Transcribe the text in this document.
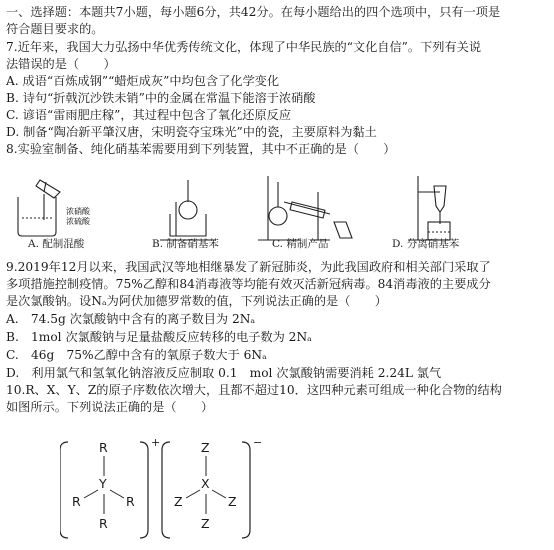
一、选择题：本题共7小题，每小题6分，共42分。在每小题给出的四个选项中，只有一项是
符合题目要求的。
7.近年来，我国大力弘扬中华优秀传统文化，体现了中华民族的“文化自信”。下列有关说
法错误的是（　　）
A. 成语“百炼成钢”“蜡炬成灰”中均包含了化学变化
B. 诗句“折戟沉沙铁未销”中的金属在常温下能溶于浓硝酸
C. 谚语“雷雨肥庄稼”，其过程中包含了氧化还原反应
D. 制备“陶冶新平肇汉唐，宋明瓷夺宝珠光”中的瓷，主要原料为黏土
8.实验室制备、纯化硝基苯需要用到下列装置，其中不正确的是（　　）
浓硝酸
浓硫酸
A. 配制混酸	B. 制备硝基苯	C. 精制产品	D. 分离硝基苯
9.2019年12月以来，我国武汉等地相继暴发了新冠肺炎，为此我国政府和相关部门采取了
多项措施控制疫情。75%乙醇和84消毒液等均能有效灭活新冠病毒。84消毒液的主要成分
是次氯酸钠。设Nₐ为阿伏加德罗常数的值，下列说法正确的是（　　）
A.　74.5g 次氯酸钠中含有的离子数目为 2Nₐ
B.　1mol 次氯酸钠与足量盐酸反应转移的电子数为 2Nₐ
C.　46g　75%乙醇中含有的氧原子数大于 6Nₐ
D.　利用氯气和氢氧化钠溶液反应制取 0.1　mol 次氯酸钠需要消耗 2.24L 氯气
10.R、X、Y、Z的原子序数依次增大，且都不超过10．这四种元素可组成一种化合物的结构
如图所示。下列说法正确的是（　　）
R
Y
R	R
R
+	Z
X
Z	Z
Z
−
